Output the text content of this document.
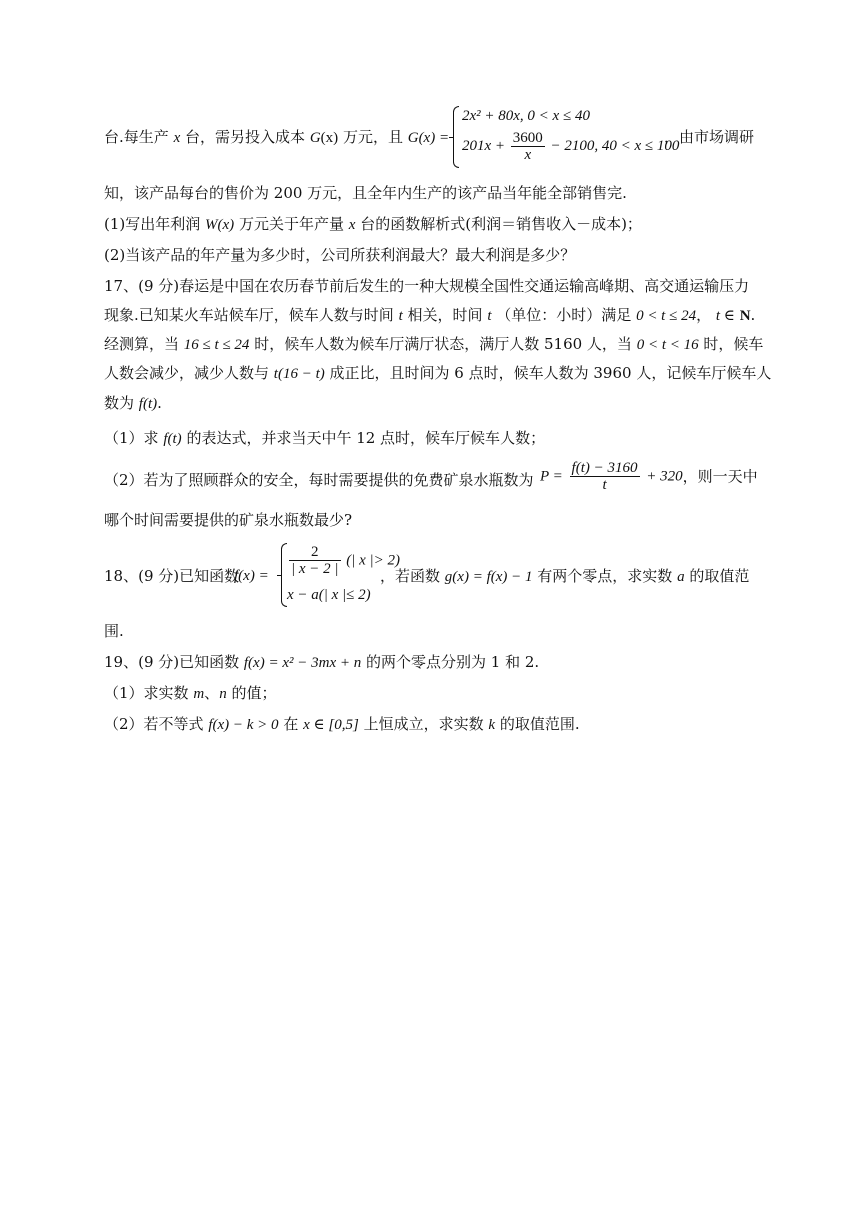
台.每生产 x 台，需另投入成本 G(x) 万元，且 G(x) =
2x² + 80x, 0 < x ≤ 40
$201x + \frac{3600}{x} - 2100$, 40 < x ≤ 100
，由市场调研
知，该产品每台的售价为 200 万元，且全年内生产的该产品当年能全部销售完.
(1)写出年利润 W(x) 万元关于年产量 x 台的函数解析式(利润＝销售收入－成本)；
(2)当该产品的年产量为多少时，公司所获利润最大？最大利润是多少？
17、(9 分)春运是中国在农历春节前后发生的一种大规模全国性交通运输高峰期、高交通运输压力
现象.已知某火车站候车厅，候车人数与时间 t 相关，时间 t （单位：小时）满足 0 < t ≤ 24， t ∈ N.
经测算，当 16 ≤ t ≤ 24 时，候车人数为候车厅满厅状态，满厅人数 5160 人，当 0 < t < 16 时，候车
人数会减少，减少人数与 t(16 − t) 成正比，且时间为 6 点时，候车人数为 3960 人，记候车厅候车人
数为 f(t).
（1）求 f(t) 的表达式，并求当天中午 12 点时，候车厅候车人数；
（2）若为了照顾群众的安全，每时需要提供的免费矿泉水瓶数为 $P = \frac{f(t) - 3160}{t} + 320$，则一天中
哪个时间需要提供的矿泉水瓶数最少?
18、(9 分)已知函数
$f(x) = \frac{2}{| x - 2 |}$ (| x |> 2)
x − a(| x |≤ 2)
，若函数 g(x) = f(x) − 1 有两个零点，求实数 a 的取值范
围.
19、(9 分)已知函数 f(x) = x² − 3mx + n 的两个零点分别为 1 和 2.
（1）求实数 m、n 的值；
（2）若不等式 f(x) − k > 0 在 x ∈ [0,5] 上恒成立，求实数 k 的取值范围.
